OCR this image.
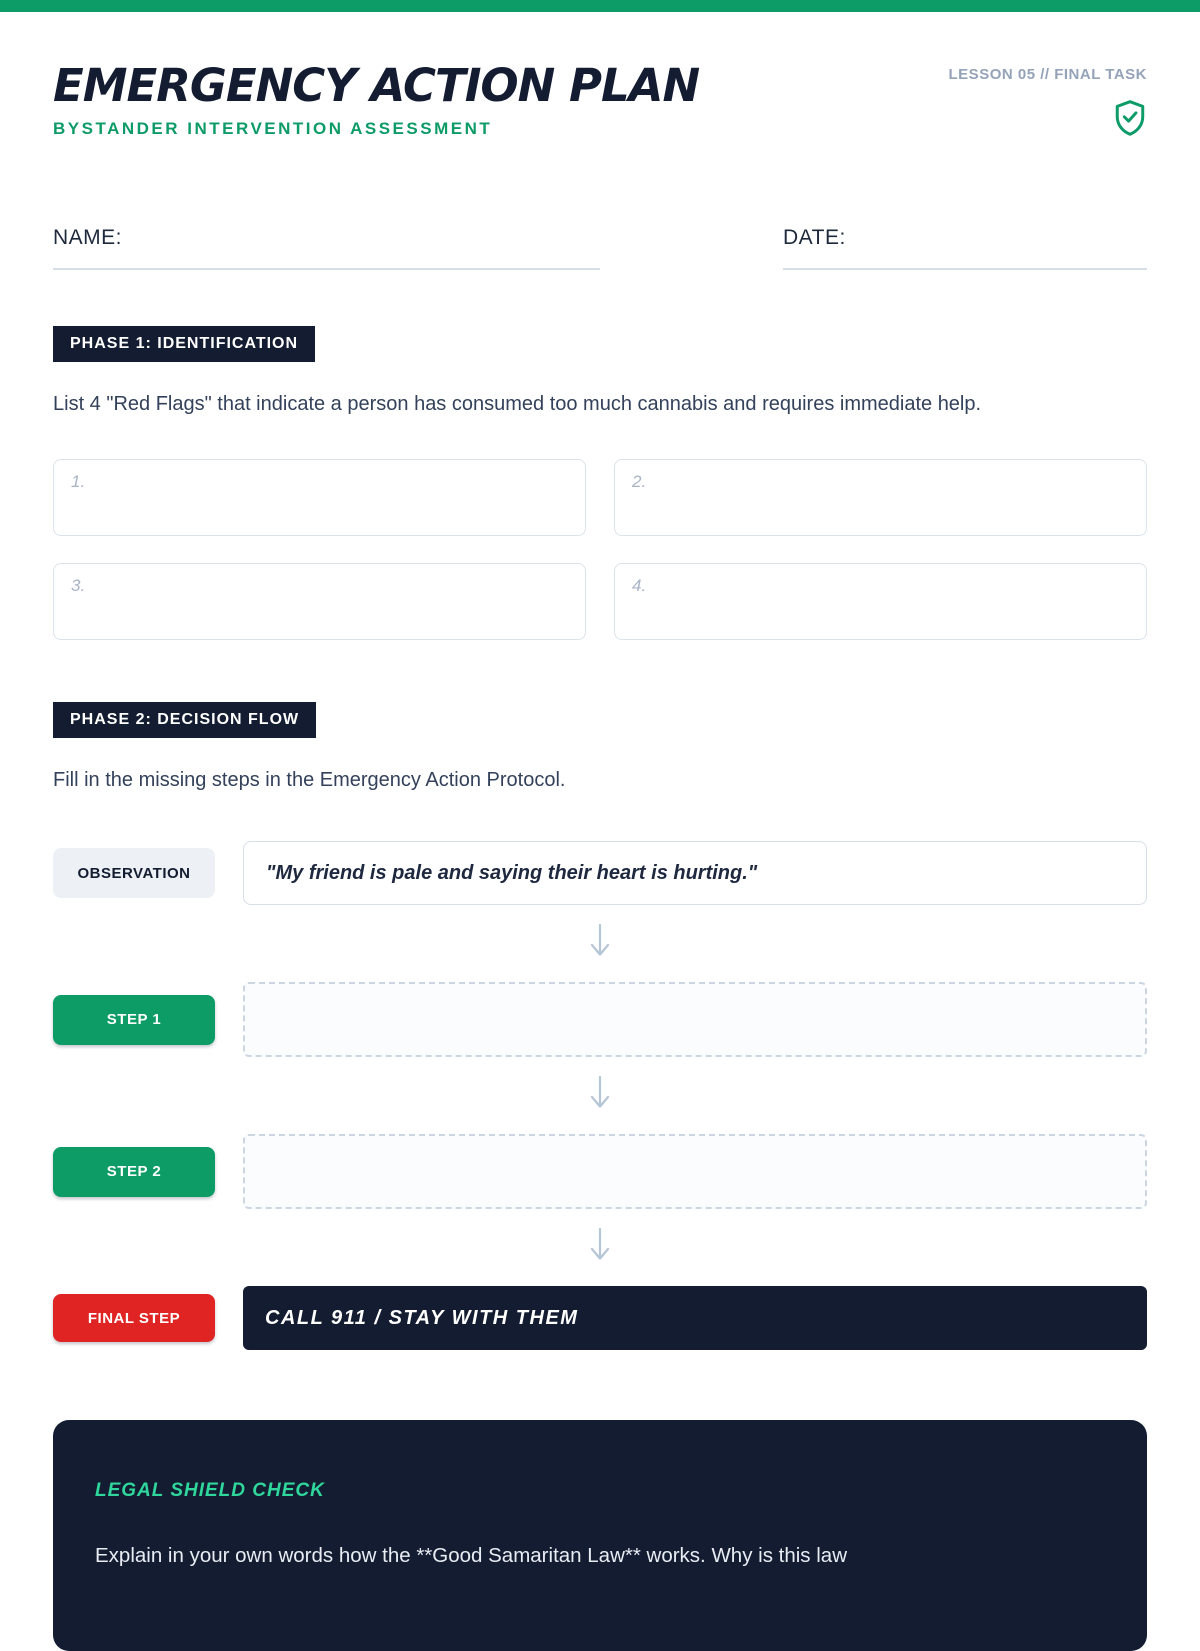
EMERGENCY ACTION PLAN
BYSTANDER INTERVENTION ASSESSMENT
LESSON 05 // FINAL TASK
NAME:	DATE:
PHASE 1: IDENTIFICATION
List 4 "Red Flags" that indicate a person has consumed too much cannabis and requires immediate help.
1.	2.
3.	4.
PHASE 2: DECISION FLOW
Fill in the missing steps in the Emergency Action Protocol.
OBSERVATION	"My friend is pale and saying their heart is hurting."
STEP 1
STEP 2
FINAL STEP	CALL 911 / STAY WITH THEM
LEGAL SHIELD CHECK
Explain in your own words how the **Good Samaritan Law** works. Why is this law
